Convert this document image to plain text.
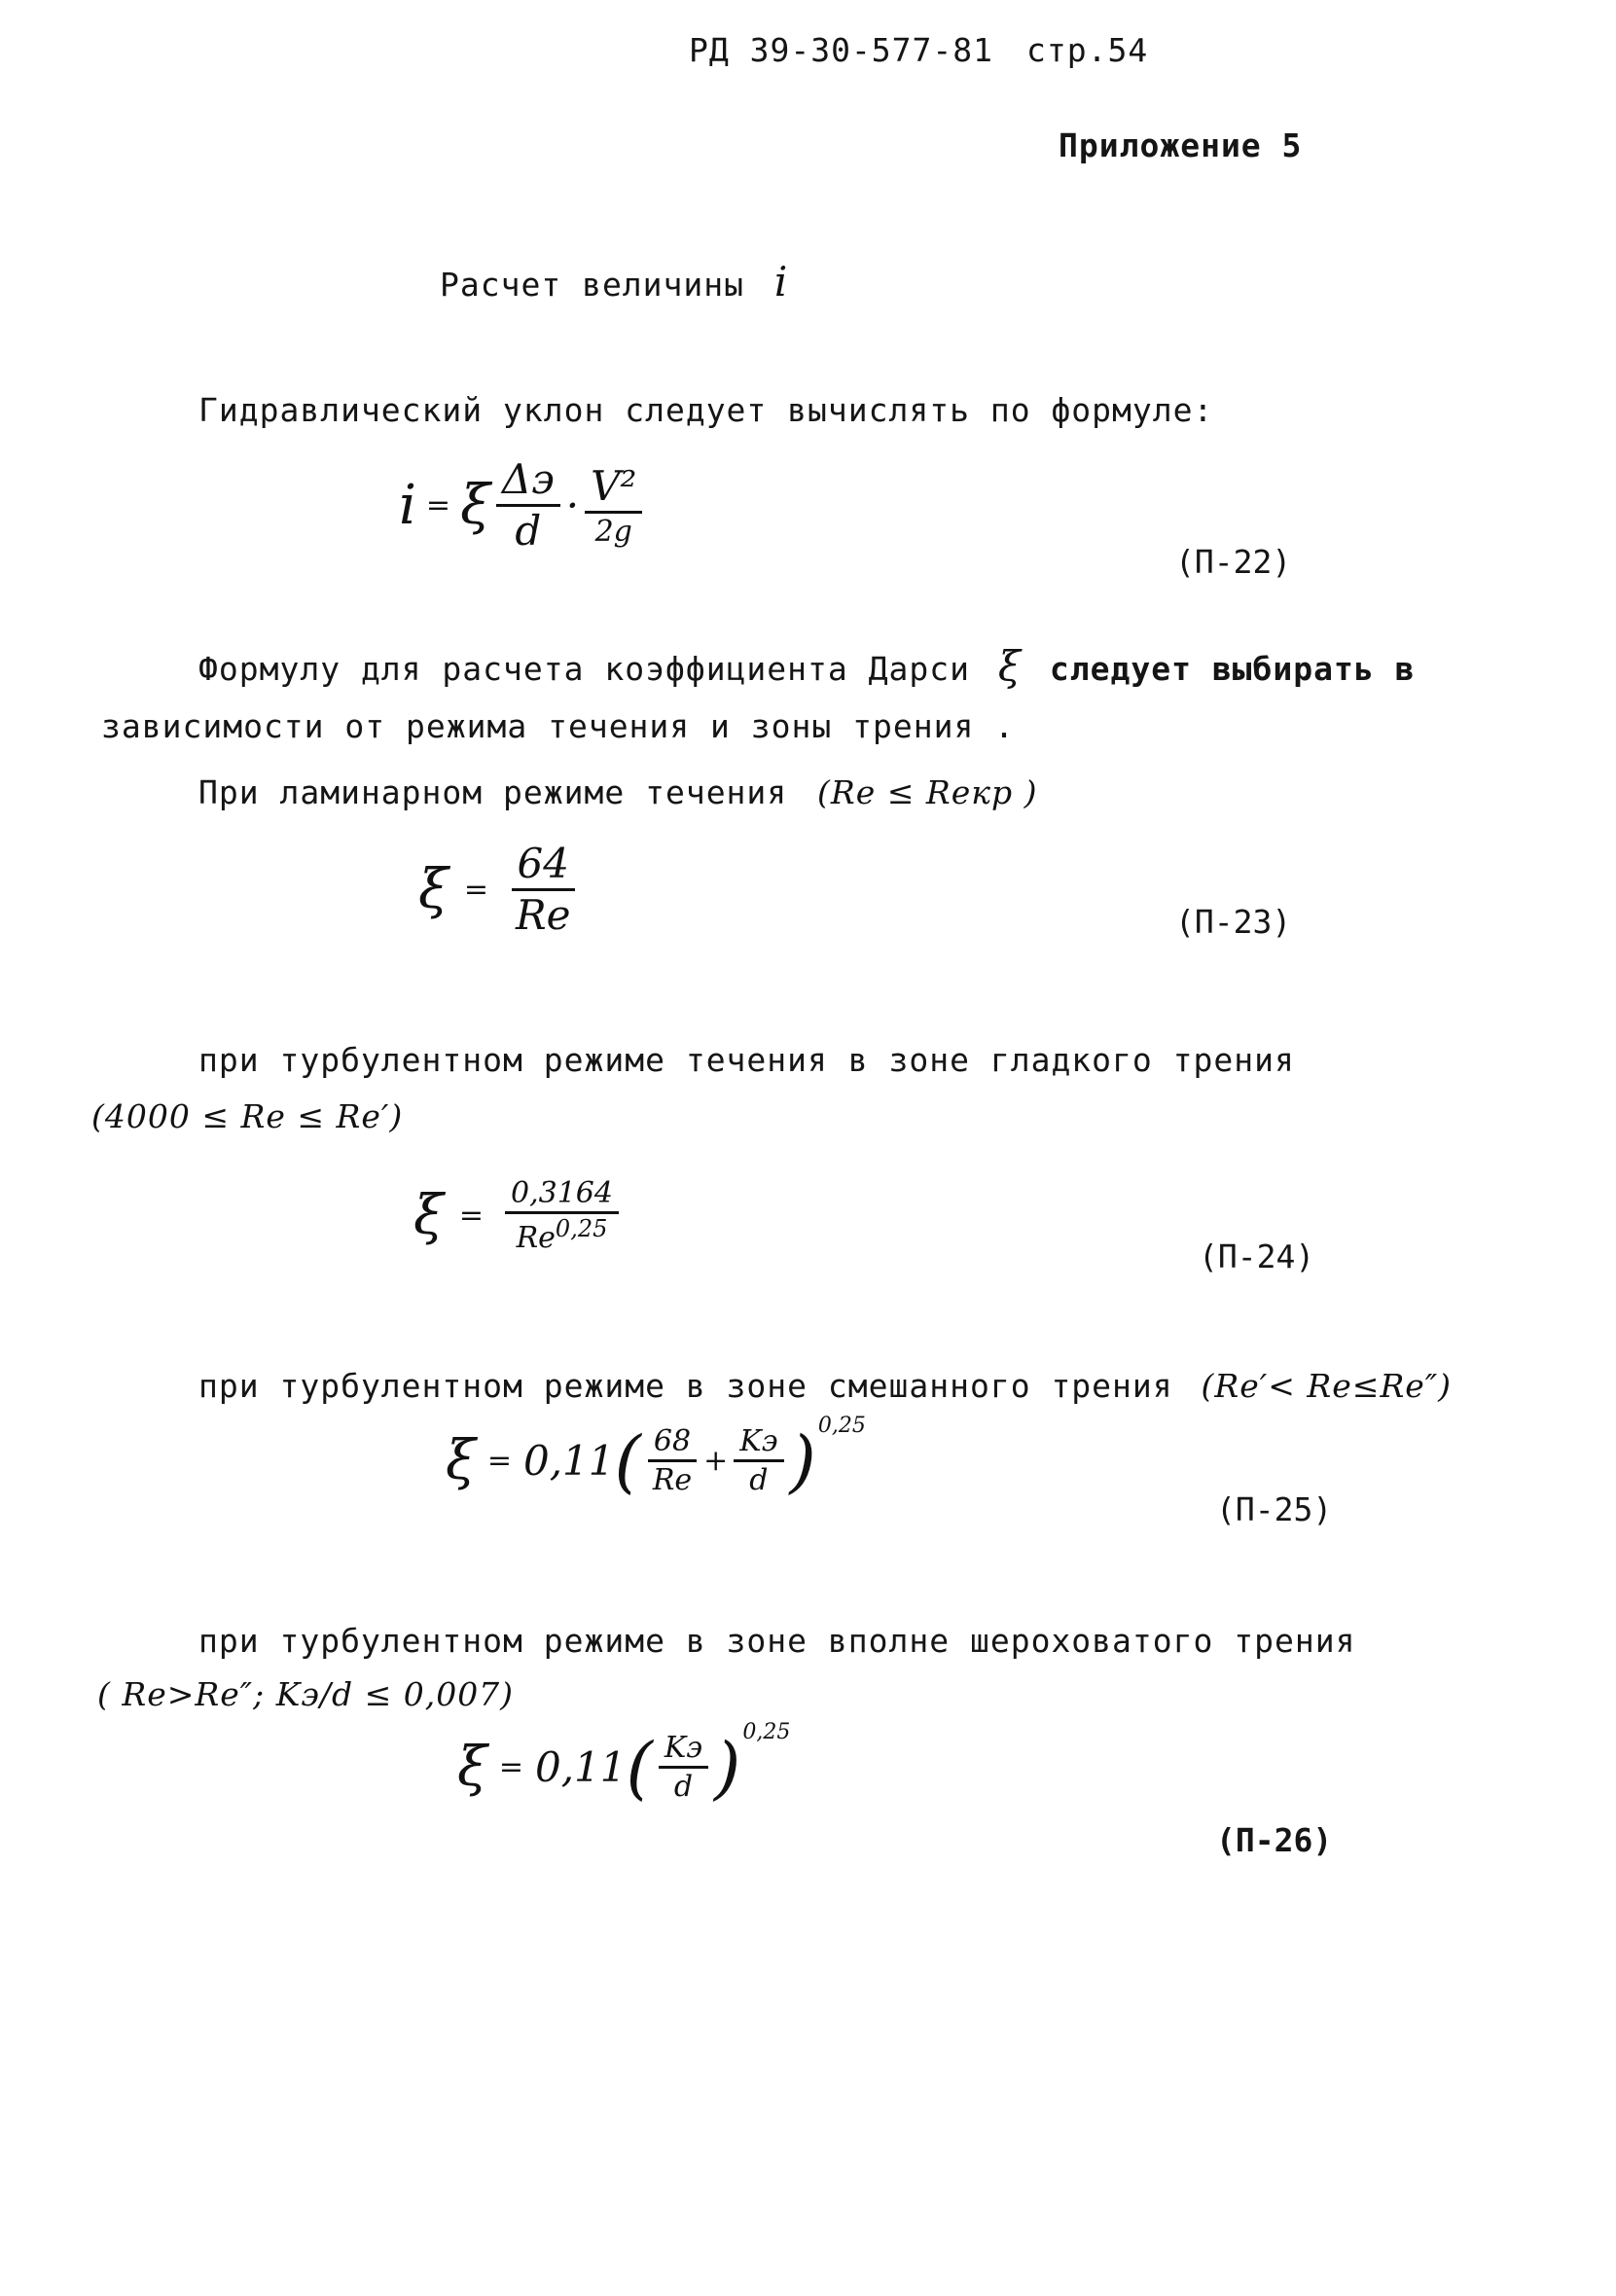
РД 39-30-577-81 стр.54
Приложение 5
Расчет величины i
Гидравлический уклон следует вычислять по формуле:
i = ξ $\frac{\Delta э}{d} \cdot \frac{\text{V²}}{2g}$
(П-22)
Формулу для расчета коэффициента Дарси ξ следует выбирать в
зависимости от режима течения и зоны трения .
При ламинарном режиме течения (Re ≤ Reкр )
$\xi = \frac{64}{Re}$	(П-23)
при турбулентном режиме течения в зоне гладкого трения
(4000 ≤ Re ≤ Re′)
$\xi = \frac{0,3164}{Re^{0,25}}$
(П-24)
при турбулентном режиме в зоне смешанного трения (Re′< Re≤Re″)
ξ = 0,11 ( $\frac{68}{Re} + \frac{Kэ}{d} )^{0,25}$
(П-25)
при турбулентном режиме в зоне вполне шероховатого трения
( Re>Re″; Kэ/d ≤ 0,007)
ξ = 0,11 ( $\frac{Kэ}{d} )^{0,25}$
(П-26)
